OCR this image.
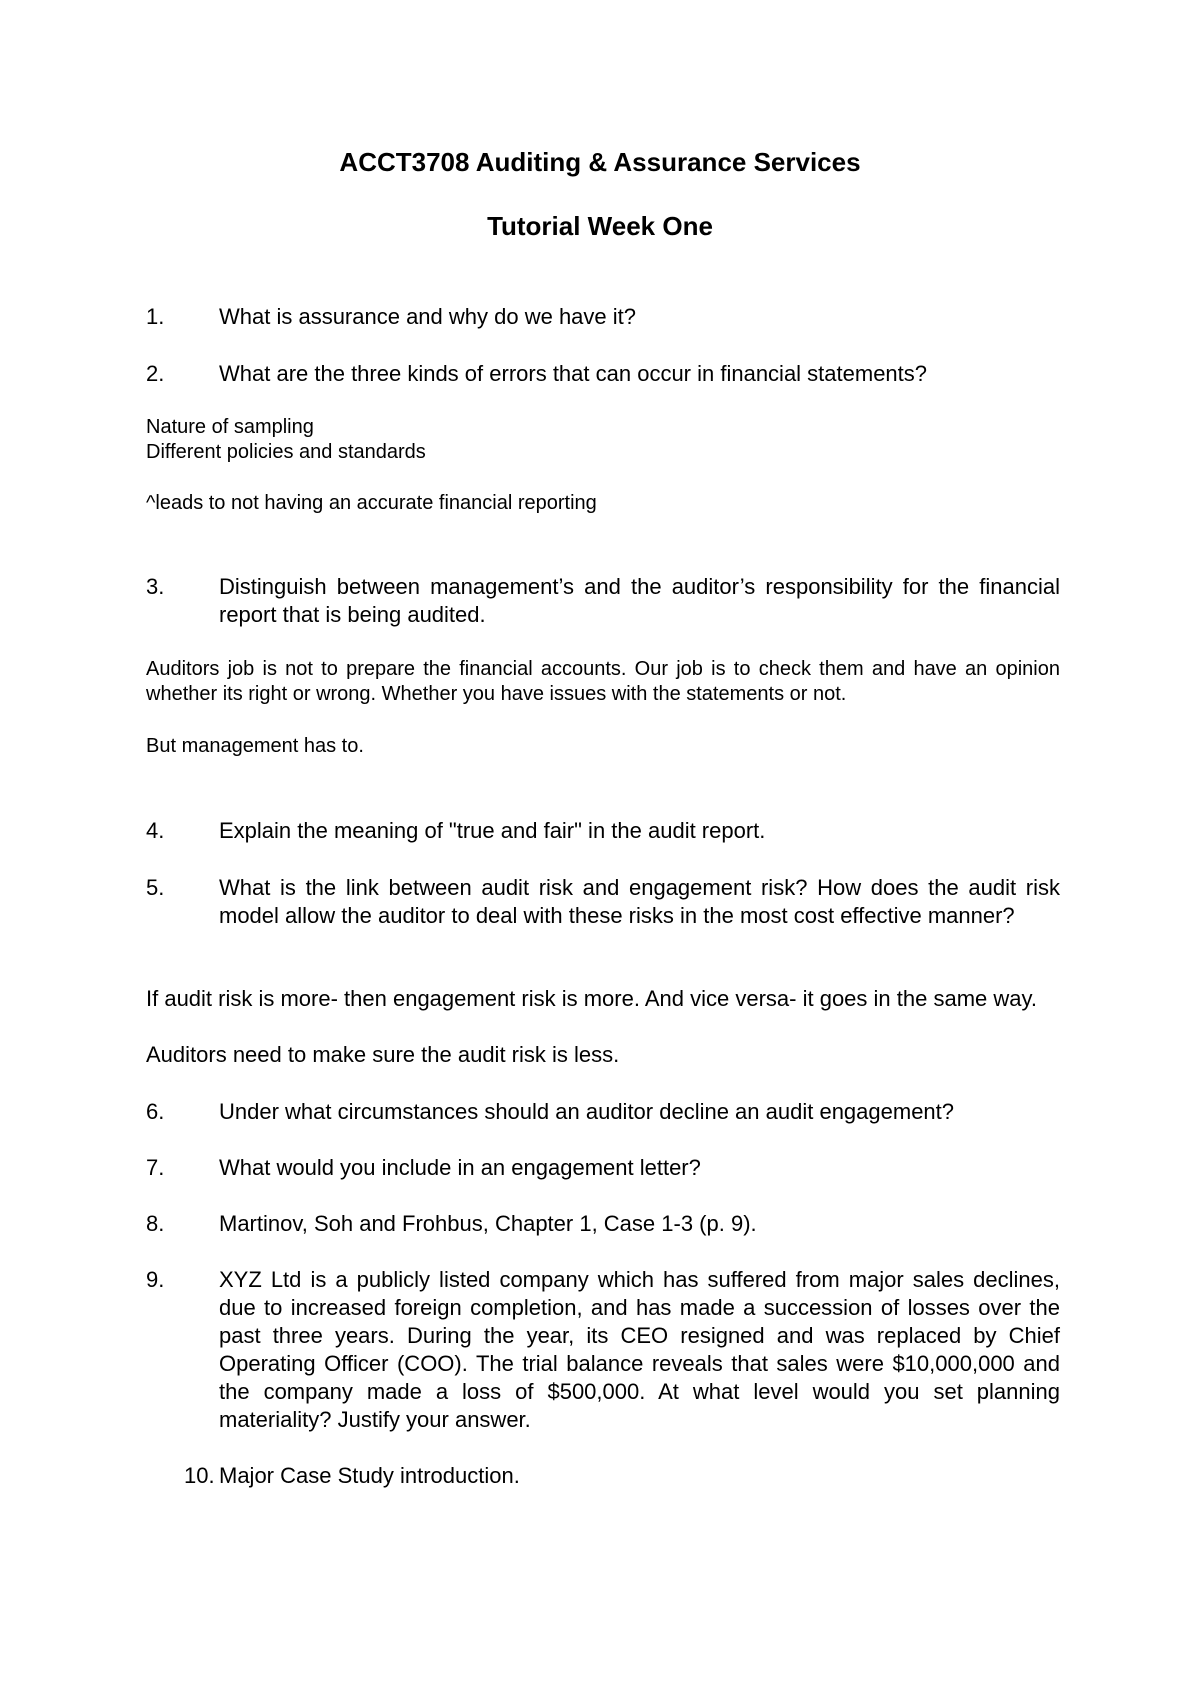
ACCT3708 Auditing & Assurance Services
Tutorial Week One
1. What is assurance and why do we have it?
2. What are the three kinds of errors that can occur in financial statements?

Nature of sampling

Different policies and standards

^leads to not having an accurate financial reporting

3. Distinguish between management’s and the auditor’s responsibility for the financial report that is being audited.

Auditors job is not to prepare the financial accounts. Our job is to check them and have an opinion whether its right or wrong. Whether you have issues with the statements or not.

But management has to.

4. Explain the meaning of "true and fair" in the audit report.
5. What is the link between audit risk and engagement risk? How does the audit risk model allow the auditor to deal with these risks in the most cost effective manner?

If audit risk is more- then engagement risk is more. And vice versa- it goes in the same way.

Auditors need to make sure the audit risk is less.

6. Under what circumstances should an auditor decline an audit engagement?
7. What would you include in an engagement letter?
8. Martinov, Soh and Frohbus, Chapter 1, Case 1-3 (p. 9).
9. XYZ Ltd is a publicly listed company which has suffered from major sales declines, due to increased foreign completion, and has made a succession of losses over the past three years. During the year, its CEO resigned and was replaced by Chief Operating Officer (COO). The trial balance reveals that sales were $10,000,000 and the company made a loss of $500,000. At what level would you set planning materiality? Justify your answer.
10. Major Case Study introduction.
